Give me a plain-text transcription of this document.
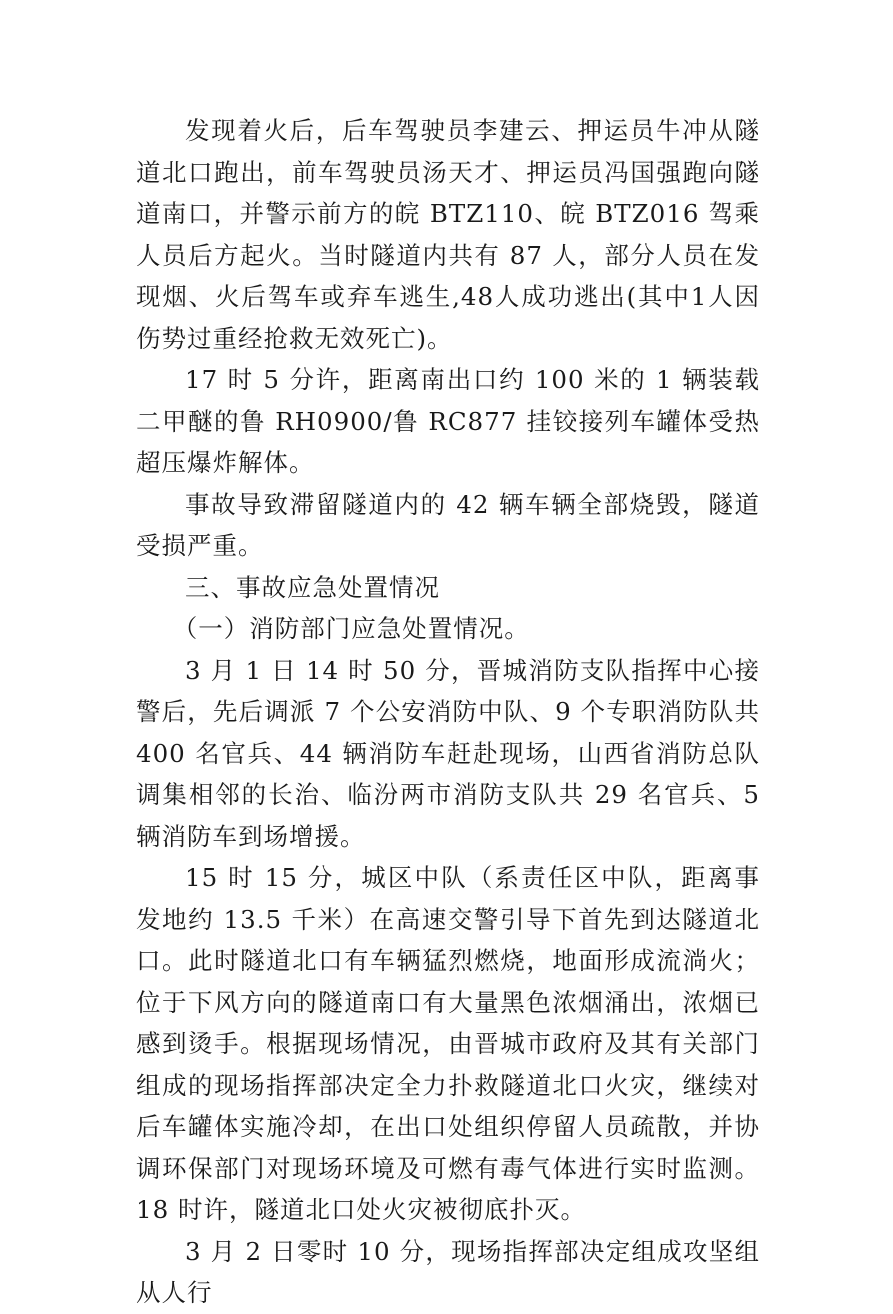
发现着火后，后车驾驶员李建云、押运员牛冲从隧道北口跑出，前车驾驶员汤天才、押运员冯国强跑向隧道南口，并警示前方的皖 BTZ110、皖 BTZ016 驾乘人员后方起火。当时隧道内共有 87 人，部分人员在发现烟、火后驾车或弃车逃生,48人成功逃出(其中1人因伤势过重经抢救无效死亡)。

17 时 5 分许，距离南出口约 100 米的 1 辆装载二甲醚的鲁 RH0900/鲁 RC877 挂铰接列车罐体受热超压爆炸解体。

事故导致滞留隧道内的 42 辆车辆全部烧毁，隧道受损严重。

三、事故应急处置情况

（一）消防部门应急处置情况。

3 月 1 日 14 时 50 分，晋城消防支队指挥中心接警后，先后调派 7 个公安消防中队、9 个专职消防队共 400 名官兵、44 辆消防车赶赴现场，山西省消防总队调集相邻的长治、临汾两市消防支队共 29 名官兵、5 辆消防车到场增援。

15 时 15 分，城区中队（系责任区中队，距离事发地约 13.5 千米）在高速交警引导下首先到达隧道北口。此时隧道北口有车辆猛烈燃烧，地面形成流淌火；位于下风方向的隧道南口有大量黑色浓烟涌出，浓烟已感到烫手。根据现场情况，由晋城市政府及其有关部门组成的现场指挥部决定全力扑救隧道北口火灾，继续对后车罐体实施冷却，在出口处组织停留人员疏散，并协调环保部门对现场环境及可燃有毒气体进行实时监测。18 时许，隧道北口处火灾被彻底扑灭。

3 月 2 日零时 10 分，现场指挥部决定组成攻坚组从人行
